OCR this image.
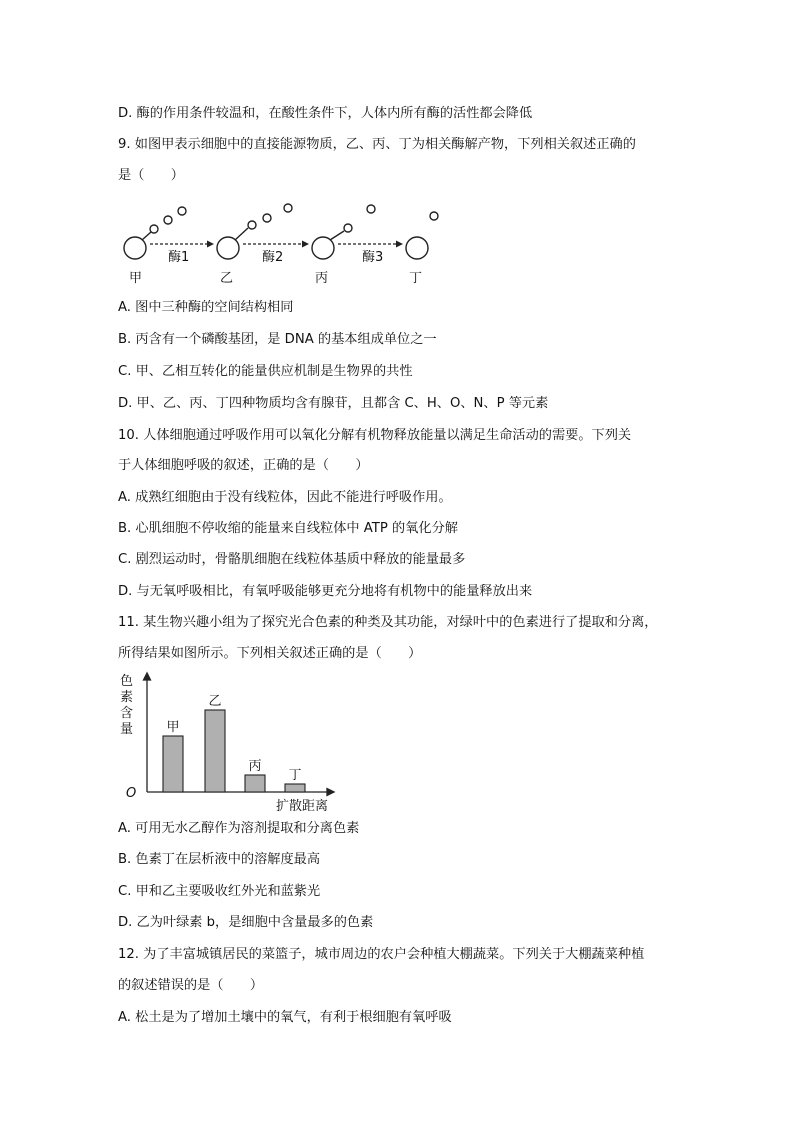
D. 酶的作用条件较温和，在酸性条件下，人体内所有酶的活性都会降低
9. 如图甲表示细胞中的直接能源物质，乙、丙、丁为相关酶解产物，下列相关叙述正确的
是（　　）
A. 图中三种酶的空间结构相同
B. 丙含有一个磷酸基团，是 DNA 的基本组成单位之一
C. 甲、乙相互转化的能量供应机制是生物界的共性
D. 甲、乙、丙、丁四种物质均含有腺苷，且都含 C、H、O、N、P 等元素
10. 人体细胞通过呼吸作用可以氧化分解有机物释放能量以满足生命活动的需要。下列关
于人体细胞呼吸的叙述，正确的是（　　）
A. 成熟红细胞由于没有线粒体，因此不能进行呼吸作用。
B. 心肌细胞不停收缩的能量来自线粒体中 ATP 的氧化分解
C. 剧烈运动时，骨骼肌细胞在线粒体基质中释放的能量最多
D. 与无氧呼吸相比，有氧呼吸能够更充分地将有机物中的能量释放出来
11. 某生物兴趣小组为了探究光合色素的种类及其功能，对绿叶中的色素进行了提取和分离，
所得结果如图所示。下列相关叙述正确的是（　　）
A. 可用无水乙醇作为溶剂提取和分离色素
B. 色素丁在层析液中的溶解度最高
C. 甲和乙主要吸收红外光和蓝紫光
D. 乙为叶绿素 b，是细胞中含量最多的色素
12. 为了丰富城镇居民的菜篮子，城市周边的农户会种植大棚蔬菜。下列关于大棚蔬菜种植
的叙述错误的是（　　）
A. 松土是为了增加土壤中的氧气，有利于根细胞有氧呼吸
酶1	酶2	酶3
甲	乙	丙	丁
色
素
含
量
O
扩散距离
甲
乙
丙
丁
